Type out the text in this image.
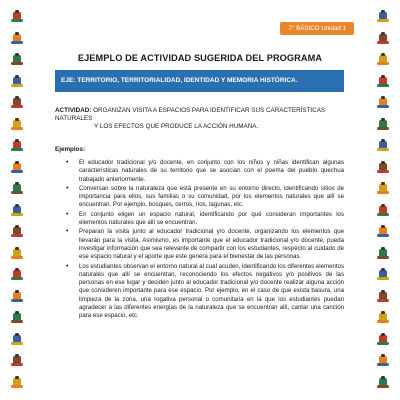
7° BÁSICO Unidad 1
EJEMPLO DE ACTIVIDAD SUGERIDA DEL PROGRAMA
EJE: TERRITORIO, TERRITORIALIDAD, IDENTIDAD Y MEMORIA HISTÓRICA.
ACTIVIDAD: ORGANIZAN VISITA A ESPACIOS PARA IDENTIFICAR SUS CARACTERÍSTICAS NATURALES
Y LOS EFECTOS QUE PRODUCE LA ACCIÓN HUMANA.
Ejemplos:
• El educador tradicional y/o docente, en conjunto con los niños y niñas identifican algunas características naturales de su territorio que se asocian con el poema del pueblo quechua trabajado anteriormente.
• Conversan sobre la naturaleza que está presente en su entorno directo, identificando sitios de importancia para ellos, sus familias o su comunidad, por los elementos naturales que allí se encuentran. Por ejemplo, bosques, cerros, ríos, lagunas, etc.
• En conjunto eligen un espacio natural, identificando por qué consideran importantes los elementos naturales que allí se encuentran.
• Preparan la visita junto al educador tradicional y/o docente, organizando los elementos que llevarán para la visita. Asimismo, es importante que el educador tradicional y/o docente, pueda investigar información que sea relevante de compartir con los estudiantes, respecto al cuidado de ese espacio natural y el aporte que este genera para el bienestar de las personas.
• Los estudiantes observan el entorno natural al cual acuden, identificando los diferentes elementos naturales que allí se encuentran, reconociendo los efectos negativos y/o positivos de las personas en ese lugar y deciden junto al educador tradicional y/o docente realizar alguna acción que consideren importante para ese espacio. Por ejemplo, en el caso de que exista basura, una limpieza de la zona, una rogativa personal o comunitaria en la que los estudiantes puedan agradecer a las diferentes energías de la naturaleza que se encuentran allí, cantar una canción para ese espacio, etc.
